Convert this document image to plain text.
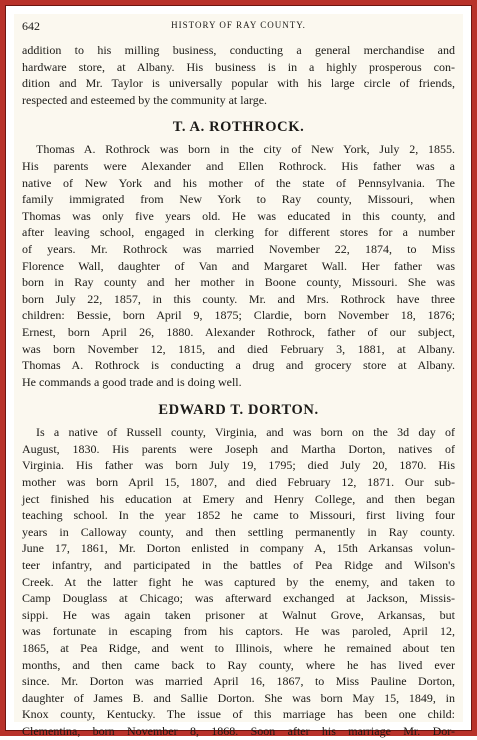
642	HISTORY OF RAY COUNTY.
addition to his milling business, conducting a general merchandise and
hardware store, at Albany. His business is in a highly prosperous con-
dition and Mr. Taylor is universally popular with his large circle of friends,
respected and esteemed by the community at large.
T. A. ROTHROCK.
Thomas A. Rothrock was born in the city of New York, July 2, 1855.
His parents were Alexander and Ellen Rothrock. His father was a
native of New York and his mother of the state of Pennsylvania. The
family immigrated from New York to Ray county, Missouri, when
Thomas was only five years old. He was educated in this county, and
after leaving school, engaged in clerking for different stores for a number
of years. Mr. Rothrock was married November 22, 1874, to Miss
Florence Wall, daughter of Van and Margaret Wall. Her father was
born in Ray county and her mother in Boone county, Missouri. She was
born July 22, 1857, in this county. Mr. and Mrs. Rothrock have three
children: Bessie, born April 9, 1875; Clardie, born November 18, 1876;
Ernest, born April 26, 1880. Alexander Rothrock, father of our subject,
was born November 12, 1815, and died February 3, 1881, at Albany.
Thomas A. Rothrock is conducting a drug and grocery store at Albany.
He commands a good trade and is doing well.
EDWARD T. DORTON.
Is a native of Russell county, Virginia, and was born on the 3d day of
August, 1830. His parents were Joseph and Martha Dorton, natives of
Virginia. His father was born July 19, 1795; died July 20, 1870. His
mother was born April 15, 1807, and died February 12, 1871. Our sub-
ject finished his education at Emery and Henry College, and then began
teaching school. In the year 1852 he came to Missouri, first living four
years in Calloway county, and then settling permanently in Ray county.
June 17, 1861, Mr. Dorton enlisted in company A, 15th Arkansas volun-
teer infantry, and participated in the battles of Pea Ridge and Wilson's
Creek. At the latter fight he was captured by the enemy, and taken to
Camp Douglass at Chicago; was afterward exchanged at Jackson, Missis-
sippi. He was again taken prisoner at Walnut Grove, Arkansas, but
was fortunate in escaping from his captors. He was paroled, April 12,
1865, at Pea Ridge, and went to Illinois, where he remained about ten
months, and then came back to Ray county, where he has lived ever
since. Mr. Dorton was married April 16, 1867, to Miss Pauline Dorton,
daughter of James B. and Sallie Dorton. She was born May 15, 1849, in
Knox county, Kentucky. The issue of this marriage has been one child:
Clementina, born November 8, 1868. Soon after his marriage Mr. Dor-
